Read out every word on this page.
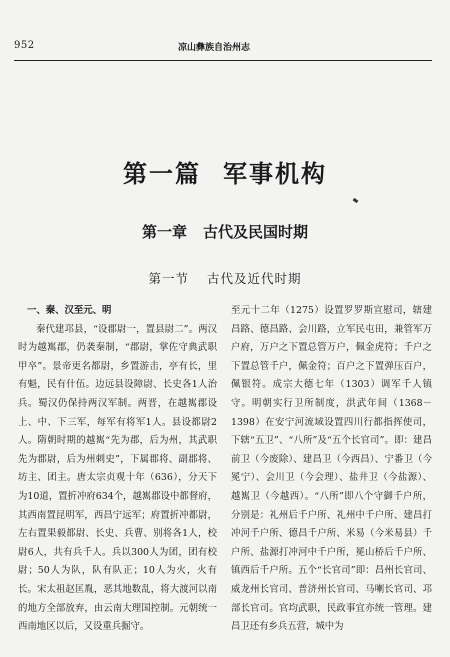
952	凉山彝族自治州志
第一篇 军事机构
第一章 古代及民国时期
第一节 古代及近代时期

一、秦、汉至元、明

秦代建邛县，“设郡尉一，置县尉二”。两汉时为越嶲郡，仍袭秦制，“郡尉，掌佐守典武职甲卒”。景帝更名都尉，乡置游击，亭有长，里有魁，民有什伍。边远县设障尉、长史各1人治兵。蜀汉仍保持两汉军制。两晋，在越嶲郡设上、中、下三军，每军有将军1人。县设都尉2人。隋朝时期的越嶲“先为郡，后为州，其武职先为郡尉，后为州刺史”，下属郡将、副郡将、坊主、团主。唐太宗贞观十年（636），分天下为10道，置折冲府634个，越嶲郡设中都督府，其西南置昆明军，西昌宁远军；府置折冲都尉，左右置果毅都尉、长史、兵曹、别将各1人，校尉6人，共有兵千人。兵以300人为团，团有校尉；50人为队，队有队正；10人为火，火有长。宋太祖赵匡胤，恶其地数乱，将大渡河以南的地方全部放弃，由云南大理国控制。元朝统一西南地区以后，又设重兵掘守。

至元十二年（1275）设置罗罗斯宣慰司，辖建昌路、德昌路、会川路，立军民屯田，兼管军万户府，万户之下置总管万户，佩金虎符；千户之下置总管千户，佩金符；百户之下置弹压百户，佩银符。成宗大德七年（1303）调军千人镇守。明朝实行卫所制度，洪武年间（1368－1398）在安宁河流域设置四川行都指挥使司，下辖“五卫”、“八所”及“五个长官司”。即：建昌前卫（今废除）、建昌卫（今西昌）、宁番卫（今冕宁）、会川卫（今会理）、盐井卫（今盐源）、越嶲卫（今越西）。“八所”即八个守御千户所，分别是：礼州后千户所、礼州中千户所、建昌打冲河千户所、德昌千户所、米易（今米易县）千户所、盐源打冲河中千户所，冕山桥后千户所、镇西后千户所。五个“长官司”即：昌州长官司、威龙州长官司、普济州长官司、马喇长官司、邛部长官司。官均武职，民政事宜亦统一管理。建昌卫还有乡兵五营，城中为
